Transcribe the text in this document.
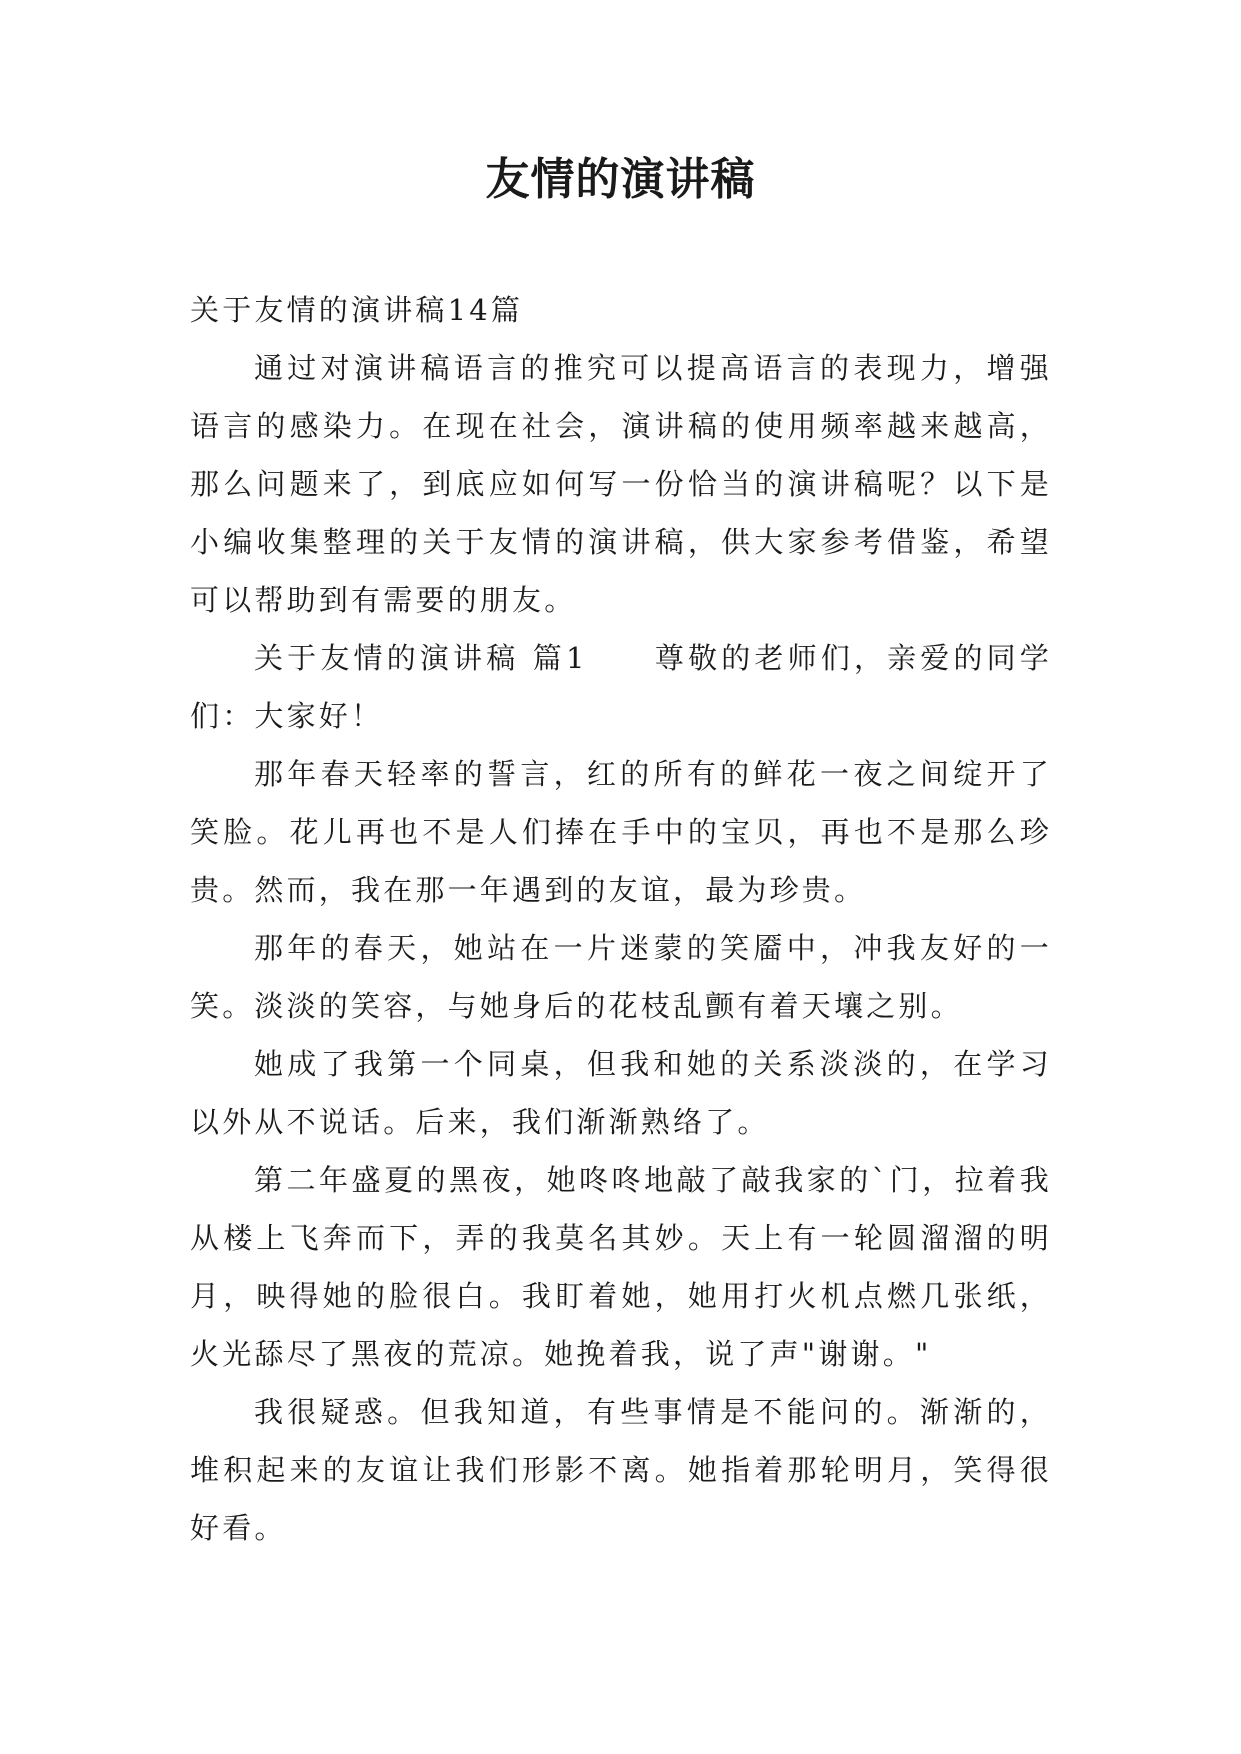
友情的演讲稿

关于友情的演讲稿14篇

通过对演讲稿语言的推究可以提高语言的表现力，增强语言的感染力。在现在社会，演讲稿的使用频率越来越高，那么问题来了，到底应如何写一份恰当的演讲稿呢？以下是小编收集整理的关于友情的演讲稿，供大家参考借鉴，希望可以帮助到有需要的朋友。

关于友情的演讲稿 篇1　　尊敬的老师们，亲爱的同学们：大家好！

那年春天轻率的誓言，红的所有的鲜花一夜之间绽开了笑脸。花儿再也不是人们捧在手中的宝贝，再也不是那么珍贵。然而，我在那一年遇到的友谊，最为珍贵。

那年的春天，她站在一片迷蒙的笑靥中，冲我友好的一笑。淡淡的笑容，与她身后的花枝乱颤有着天壤之别。

她成了我第一个同桌，但我和她的关系淡淡的，在学习以外从不说话。后来，我们渐渐熟络了。

第二年盛夏的黑夜，她咚咚地敲了敲我家的`门，拉着我从楼上飞奔而下，弄的我莫名其妙。天上有一轮圆溜溜的明月，映得她的脸很白。我盯着她，她用打火机点燃几张纸，火光舔尽了黑夜的荒凉。她挽着我，说了声"谢谢。"

我很疑惑。但我知道，有些事情是不能问的。渐渐的，堆积起来的友谊让我们形影不离。她指着那轮明月，笑得很好看。
